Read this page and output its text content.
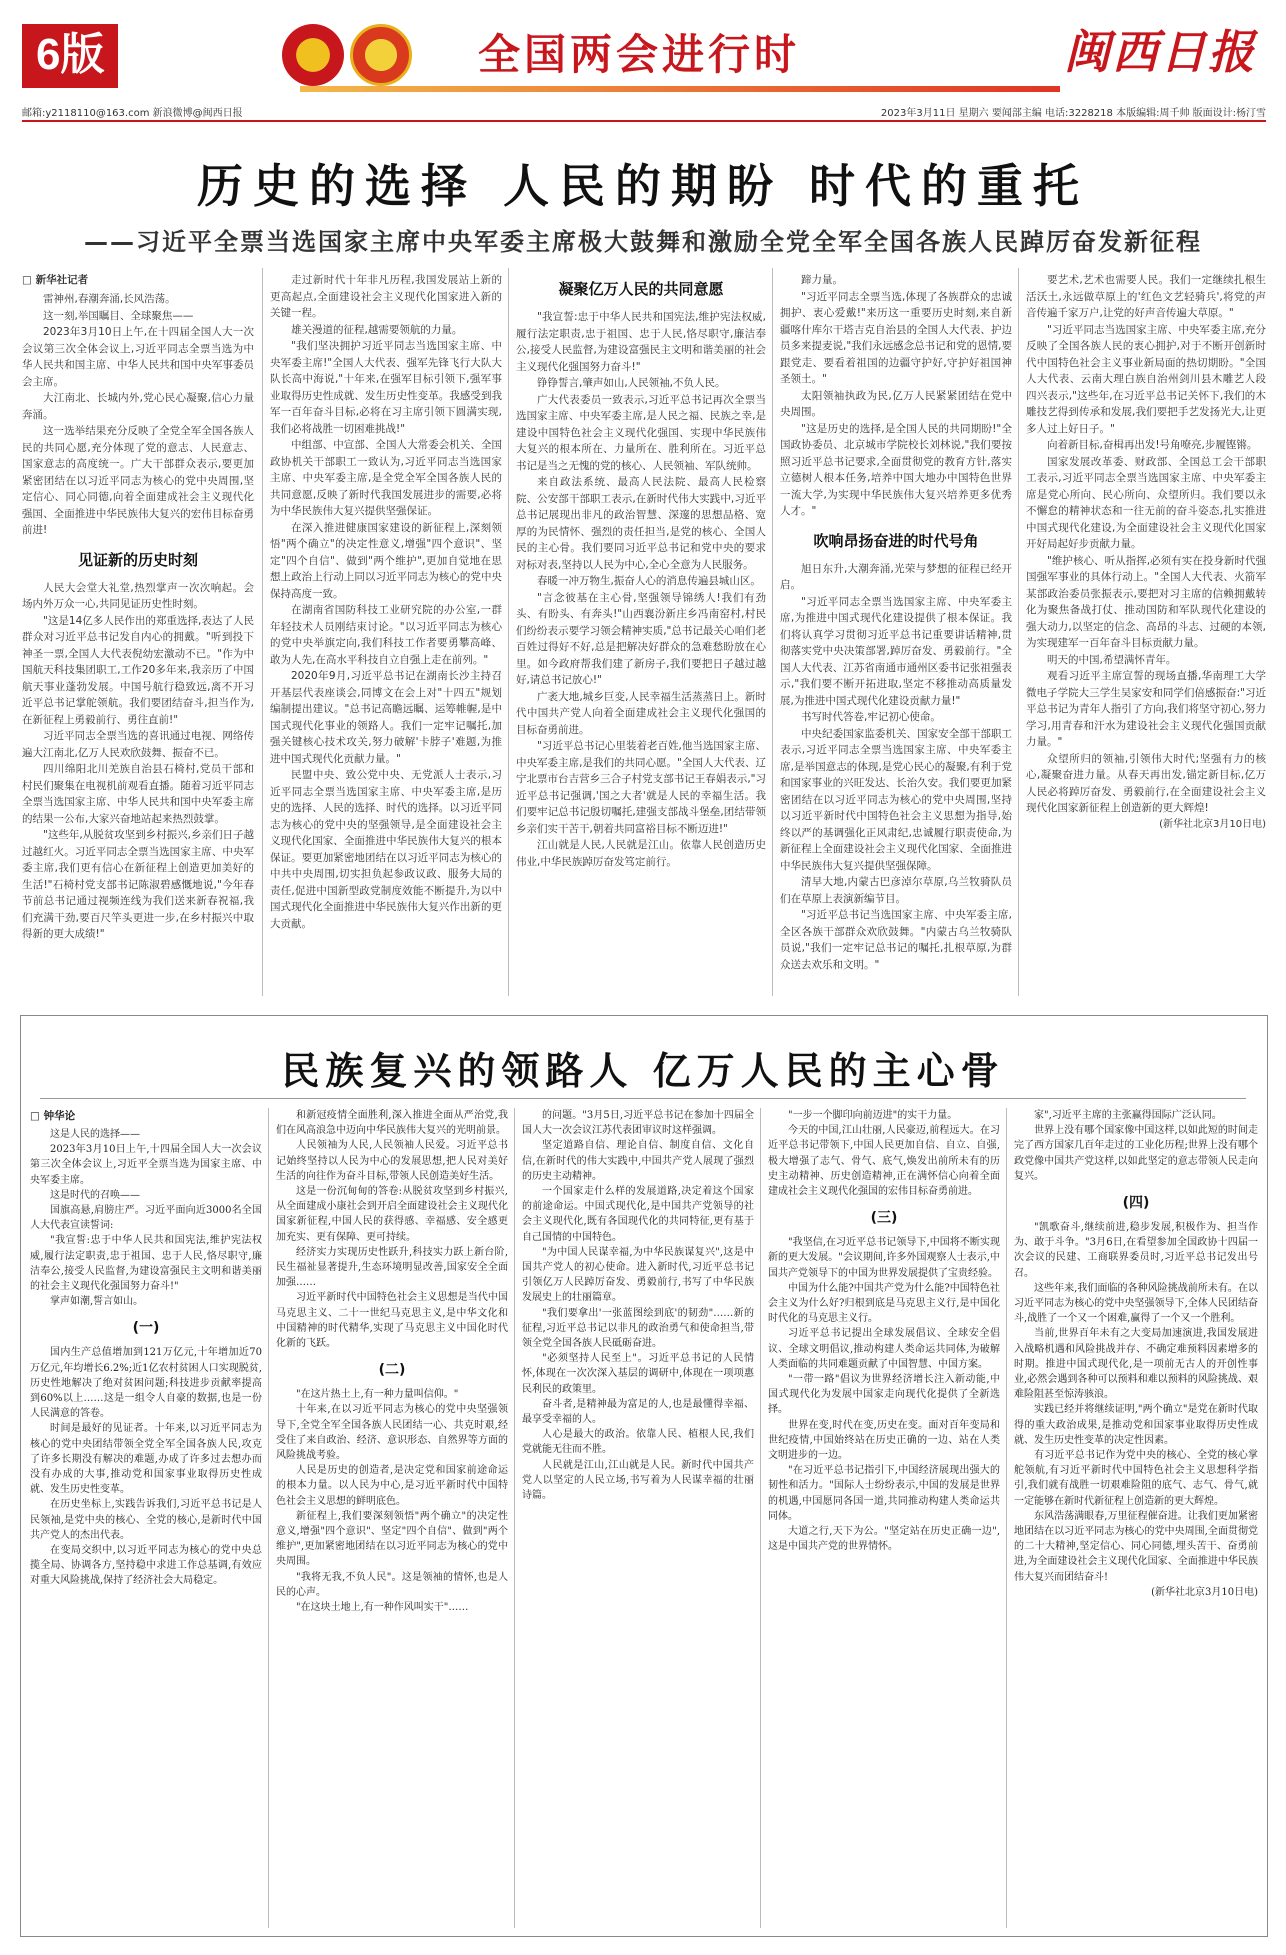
6版	全国两会进行时	闽西日报
邮箱:y2118110@163.com 新浪微博@闽西日报	2023年3月11日 星期六 要闻部主编 电话:3228218 本版编辑:周千帅 版面设计:杨汀雪
历史的选择 人民的期盼 时代的重托
——习近平全票当选国家主席中央军委主席极大鼓舞和激励全党全军全国各族人民踔厉奋发新征程
□ 新华社记者

雷神州,春潮奔涌,长风浩荡。

这一刻,举国瞩目、全球聚焦——

2023年3月10日上午,在十四届全国人大一次会议第三次全体会议上,习近平同志全票当选为中华人民共和国主席、中华人民共和国中央军事委员会主席。

大江南北、长城内外,党心民心凝聚,信心力量奔涌。

这一选举结果充分反映了全党全军全国各族人民的共同心愿,充分体现了党的意志、人民意志、国家意志的高度统一。广大干部群众表示,要更加紧密团结在以习近平同志为核心的党中央周围,坚定信心、同心同德,向着全面建成社会主义现代化强国、全面推进中华民族伟大复兴的宏伟目标奋勇前进!

见证新的历史时刻

人民大会堂大礼堂,热烈掌声一次次响起。会场内外万众一心,共同见证历史性时刻。

"这是14亿多人民作出的郑重选择,表达了人民群众对习近平总书记发自内心的拥戴。"听到投下神圣一票,全国人大代表倪幼宏激动不已。"作为中国航天科技集团职工,工作20多年来,我亲历了中国航天事业蓬勃发展。中国号航行稳致远,离不开习近平总书记掌舵领航。我们要团结奋斗,担当作为,在新征程上勇毅前行、勇往直前!"

习近平同志全票当选的喜讯通过电视、网络传遍大江南北,亿万人民欢欣鼓舞、振奋不已。

四川绵阳北川羌族自治县石椅村,党员干部和村民们聚集在电视机前观看直播。随着习近平同志全票当选国家主席、中华人民共和国中央军委主席的结果一公布,大家兴奋地站起来热烈鼓掌。

"这些年,从脱贫攻坚到乡村振兴,乡亲们日子越过越红火。习近平同志全票当选国家主席、中央军委主席,我们更有信心在新征程上创造更加美好的生活!"石椅村党支部书记陈淑碧感慨地说,"今年春节前总书记通过视频连线为我们送来新春祝福,我们充满干劲,要百尺竿头更进一步,在乡村振兴中取得新的更大成绩!"

走过新时代十年非凡历程,我国发展站上新的更高起点,全面建设社会主义现代化国家进入新的关键一程。

雄关漫道的征程,越需要领航的力量。

"我们坚决拥护习近平同志当选国家主席、中央军委主席!"全国人大代表、强军先锋飞行大队大队长高中海说,"十年来,在强军目标引领下,强军事业取得历史性成就、发生历史性变革。我感受到我军一百年奋斗目标,必将在习主席引领下圆满实现,我们必将战胜一切困难挑战!"

中组部、中宣部、全国人大常委会机关、全国政协机关干部职工一致认为,习近平同志当选国家主席、中央军委主席,是全党全军全国各族人民的共同意愿,反映了新时代我国发展进步的需要,必将为中华民族伟大复兴提供坚强保证。

在深入推进健康国家建设的新征程上,深刻领悟"两个确立"的决定性意义,增强"四个意识"、坚定"四个自信"、做到"两个维护",更加自觉地在思想上政治上行动上同以习近平同志为核心的党中央保持高度一致。

在湖南省国防科技工业研究院的办公室,一群年轻技术人员刚结束讨论。"以习近平同志为核心的党中央举旗定向,我们科技工作者要勇攀高峰、敢为人先,在高水平科技自立自强上走在前列。"

2020年9月,习近平总书记在湖南长沙主持召开基层代表座谈会,同博文在会上对"十四五"规划编制提出建议。"总书记高瞻远瞩、运筹帷幄,是中国式现代化事业的领路人。我们一定牢记嘱托,加强关键核心技术攻关,努力破解'卡脖子'难题,为推进中国式现代化贡献力量。"

民盟中央、致公党中央、无党派人士表示,习近平同志全票当选国家主席、中央军委主席,是历史的选择、人民的选择、时代的选择。以习近平同志为核心的党中央的坚强领导,是全面建设社会主义现代化国家、全面推进中华民族伟大复兴的根本保证。要更加紧密地团结在以习近平同志为核心的中共中央周围,切实担负起参政议政、服务大局的责任,促进中国新型政党制度效能不断提升,为以中国式现代化全面推进中华民族伟大复兴作出新的更大贡献。

凝聚亿万人民的共同意愿

"我宣誓:忠于中华人民共和国宪法,维护宪法权威,履行法定职责,忠于祖国、忠于人民,恪尽职守,廉洁奉公,接受人民监督,为建设富强民主文明和谐美丽的社会主义现代化强国努力奋斗!"

铮铮誓言,肇声如山,人民领袖,不负人民。

广大代表委员一致表示,习近平总书记再次全票当选国家主席、中央军委主席,是人民之福、民族之幸,是建设中国特色社会主义现代化强国、实现中华民族伟大复兴的根本所在、力量所在、胜利所在。习近平总书记是当之无愧的党的核心、人民领袖、军队统帅。

来自政法系统、最高人民法院、最高人民检察院、公安部干部职工表示,在新时代伟大实践中,习近平总书记展现出非凡的政治智慧、深邃的思想品格、宽厚的为民情怀、强烈的责任担当,是党的核心、全国人民的主心骨。我们要同习近平总书记和党中央的要求对标对表,坚持以人民为中心,全心全意为人民服务。

春暖一冲万物生,振奋人心的消息传遍县城山区。

"言念彼基在主心骨,坚强领导锦绣人!我们有劲头、有盼头、有奔头!"山西襄汾新庄乡冯南窑村,村民们纷纷表示要学习领会精神实质,"总书记最关心咱们老百姓过得好不好,总是把解决好群众的急难愁盼放在心里。如今政府帮我们建了新房子,我们要把日子越过越好,请总书记放心!"

广袤大地,城乡巨变,人民幸福生活蒸蒸日上。新时代中国共产党人向着全面建成社会主义现代化强国的目标奋勇前进。

"习近平总书记心里装着老百姓,他当选国家主席、中央军委主席,是我们的共同心愿。"全国人大代表、辽宁北票市台吉营乡三合子村党支部书记王春娟表示,"习近平总书记强调,'国之大者'就是人民的幸福生活。我们要牢记总书记殷切嘱托,建强支部战斗堡垒,团结带领乡亲们实干苦干,朝着共同富裕目标不断迈进!"

江山就是人民,人民就是江山。依靠人民创造历史伟业,中华民族踔厉奋发笃定前行。

蹄力量。

"习近平同志全票当选,体现了各族群众的忠诚拥护、衷心爱戴!"来历这一重要历史时刻,来自新疆喀什库尔干塔吉克自治县的全国人大代表、护边员多来提麦说,"我们永远感念总书记和党的恩情,要跟党走、要看着祖国的边疆守护好,守护好祖国神圣领土。"

太阳领袖执政为民,亿万人民紧紧团结在党中央周围。

"这是历史的选择,是全国人民的共同期盼!"全国政协委员、北京城市学院校长刘林说,"我们要按照习近平总书记要求,全面贯彻党的教育方针,落实立德树人根本任务,培养中国大地办中国特色世界一流大学,为实现中华民族伟大复兴培养更多优秀人才。"

吹响昂扬奋进的时代号角

旭日东升,大潮奔涌,光荣与梦想的征程已经开启。

"习近平同志全票当选国家主席、中央军委主席,为推进中国式现代化建设提供了根本保证。我们将认真学习贯彻习近平总书记重要讲话精神,贯彻落实党中央决策部署,踔厉奋发、勇毅前行。"全国人大代表、江苏省南通市通州区委书记张祖强表示,"我们要不断开拓进取,坚定不移推动高质量发展,为推进中国式现代化建设贡献力量!"

书写时代答卷,牢记初心使命。

中央纪委国家监委机关、国家安全部干部职工表示,习近平同志全票当选国家主席、中央军委主席,是举国意志的体现,是党心民心的凝聚,有利于党和国家事业的兴旺发达、长治久安。我们要更加紧密团结在以习近平同志为核心的党中央周围,坚持以习近平新时代中国特色社会主义思想为指导,始终以严的基调强化正风肃纪,忠诚履行职责使命,为新征程上全面建设社会主义现代化国家、全面推进中华民族伟大复兴提供坚强保障。

清早大地,内蒙古巴彦淖尔草原,乌兰牧骑队员们在草原上表演新编节目。

"习近平总书记当选国家主席、中央军委主席,全区各族干部群众欢欣鼓舞。"内蒙古乌兰牧骑队员说,"我们一定牢记总书记的嘱托,扎根草原,为群众送去欢乐和文明。"

要艺术,艺术也需要人民。我们一定继续扎根生活沃土,永远做草原上的'红色文艺轻骑兵',将党的声音传遍千家万户,让党的好声音传遍大草原。"

"习近平同志当选国家主席、中央军委主席,充分反映了全国各族人民的衷心拥护,对于不断开创新时代中国特色社会主义事业新局面的热切期盼。"全国人大代表、云南大理白族自治州剑川县木雕艺人段四兴表示,"这些年,在习近平总书记关怀下,我们的木雕技艺得到传承和发展,我们要把手艺发扬光大,让更多人过上好日子。"

向着新目标,奋楫再出发!号角嘹亮,步履铿锵。

国家发展改革委、财政部、全国总工会干部职工表示,习近平同志全票当选国家主席、中央军委主席是党心所向、民心所向、众望所归。我们要以永不懈怠的精神状态和一往无前的奋斗姿态,扎实推进中国式现代化建设,为全面建设社会主义现代化国家开好局起好步贡献力量。

"维护核心、听从指挥,必须有实在投身新时代强国强军事业的具体行动上。"全国人大代表、火箭军某部政治委员张振表示,要把对习主席的信赖拥戴转化为聚焦备战打仗、推动国防和军队现代化建设的强大动力,以坚定的信念、高昂的斗志、过硬的本领,为实现建军一百年奋斗目标贡献力量。

明天的中国,希望满怀青年。

观看习近平主席宣誓的现场直播,华南理工大学微电子学院大三学生吴家安和同学们倍感振奋:"习近平总书记为青年人指引了方向,我们将坚守初心,努力学习,用青春和汗水为建设社会主义现代化强国贡献力量。"

众望所归的领袖,引领伟大时代;坚强有力的核心,凝聚奋进力量。从春天再出发,锚定新目标,亿万人民必将踔厉奋发、勇毅前行,在全面建设社会主义现代化国家新征程上创造新的更大辉煌!

(新华社北京3月10日电)
民族复兴的领路人 亿万人民的主心骨
□ 钟华论

这是人民的选择——

2023年3月10日上午,十四届全国人大一次会议第三次全体会议上,习近平全票当选为国家主席、中央军委主席。

这是时代的召唤——

国旗高悬,肩膀庄严。习近平面向近3000名全国人大代表宣读誓词:

"我宣誓:忠于中华人民共和国宪法,维护宪法权威,履行法定职责,忠于祖国、忠于人民,恪尽职守,廉洁奉公,接受人民监督,为建设富强民主文明和谐美丽的社会主义现代化强国努力奋斗!"

掌声如潮,誓言如山。

(一)

国内生产总值增加到121万亿元,十年增加近70万亿元,年均增长6.2%;近1亿农村贫困人口实现脱贫,历史性地解决了绝对贫困问题;科技进步贡献率提高到60%以上……这是一组令人自豪的数据,也是一份人民满意的答卷。

时间是最好的见证者。十年来,以习近平同志为核心的党中央团结带领全党全军全国各族人民,攻克了许多长期没有解决的难题,办成了许多过去想办而没有办成的大事,推动党和国家事业取得历史性成就、发生历史性变革。

在历史坐标上,实践告诉我们,习近平总书记是人民领袖,是党中央的核心、全党的核心,是新时代中国共产党人的杰出代表。

在变局交织中,以习近平同志为核心的党中央总揽全局、协调各方,坚持稳中求进工作总基调,有效应对重大风险挑战,保持了经济社会大局稳定。

和新冠疫情全面胜利,深入推进全面从严治党,我们在风高浪急中迈向中华民族伟大复兴的光明前景。

人民领袖为人民,人民领袖人民爱。习近平总书记始终坚持以人民为中心的发展思想,把人民对美好生活的向往作为奋斗目标,带领人民创造美好生活。

这是一份沉甸甸的答卷:从脱贫攻坚到乡村振兴,从全面建成小康社会到开启全面建设社会主义现代化国家新征程,中国人民的获得感、幸福感、安全感更加充实、更有保障、更可持续。

经济实力实现历史性跃升,科技实力跃上新台阶,民生福祉显著提升,生态环境明显改善,国家安全全面加强……

习近平新时代中国特色社会主义思想是当代中国马克思主义、二十一世纪马克思主义,是中华文化和中国精神的时代精华,实现了马克思主义中国化时代化新的飞跃。

(二)

"在这片热土上,有一种力量叫信仰。"

十年来,在以习近平同志为核心的党中央坚强领导下,全党全军全国各族人民团结一心、共克时艰,经受住了来自政治、经济、意识形态、自然界等方面的风险挑战考验。

人民是历史的创造者,是决定党和国家前途命运的根本力量。以人民为中心,是习近平新时代中国特色社会主义思想的鲜明底色。

新征程上,我们要深刻领悟"两个确立"的决定性意义,增强"四个意识"、坚定"四个自信"、做到"两个维护",更加紧密地团结在以习近平同志为核心的党中央周围。

"我将无我,不负人民"。这是领袖的情怀,也是人民的心声。

"在这块土地上,有一种作风叫实干"……

的问题。"3月5日,习近平总书记在参加十四届全国人大一次会议江苏代表团审议时这样强调。

坚定道路自信、理论自信、制度自信、文化自信,在新时代的伟大实践中,中国共产党人展现了强烈的历史主动精神。

一个国家走什么样的发展道路,决定着这个国家的前途命运。中国式现代化,是中国共产党领导的社会主义现代化,既有各国现代化的共同特征,更有基于自己国情的中国特色。

"为中国人民谋幸福,为中华民族谋复兴",这是中国共产党人的初心使命。进入新时代,习近平总书记引领亿万人民踔厉奋发、勇毅前行,书写了中华民族发展史上的壮丽篇章。

"我们要拿出'一张蓝图绘到底'的韧劲"……新的征程,习近平总书记以非凡的政治勇气和使命担当,带领全党全国各族人民砥砺奋进。

"必须坚持人民至上"。习近平总书记的人民情怀,体现在一次次深入基层的调研中,体现在一项项惠民利民的政策里。

奋斗者,是精神最为富足的人,也是最懂得幸福、最享受幸福的人。

人心是最大的政治。依靠人民、植根人民,我们党就能无往而不胜。

人民就是江山,江山就是人民。新时代中国共产党人以坚定的人民立场,书写着为人民谋幸福的壮丽诗篇。

"一步一个脚印向前迈进"的实干力量。

今天的中国,江山壮丽,人民豪迈,前程远大。在习近平总书记带领下,中国人民更加自信、自立、自强,极大增强了志气、骨气、底气,焕发出前所未有的历史主动精神、历史创造精神,正在满怀信心向着全面建成社会主义现代化强国的宏伟目标奋勇前进。

(三)

"我坚信,在习近平总书记领导下,中国将不断实现新的更大发展。"会议期间,许多外国观察人士表示,中国共产党领导下的中国为世界发展提供了宝贵经验。

中国为什么能?中国共产党为什么能?中国特色社会主义为什么好?归根到底是马克思主义行,是中国化时代化的马克思主义行。

习近平总书记提出全球发展倡议、全球安全倡议、全球文明倡议,推动构建人类命运共同体,为破解人类面临的共同难题贡献了中国智慧、中国方案。

"一带一路"倡议为世界经济增长注入新动能,中国式现代化为发展中国家走向现代化提供了全新选择。

世界在变,时代在变,历史在变。面对百年变局和世纪疫情,中国始终站在历史正确的一边、站在人类文明进步的一边。

"在习近平总书记指引下,中国经济展现出强大的韧性和活力。"国际人士纷纷表示,中国的发展是世界的机遇,中国愿同各国一道,共同推动构建人类命运共同体。

大道之行,天下为公。"坚定站在历史正确一边",这是中国共产党的世界情怀。

家",习近平主席的主张赢得国际广泛认同。

世界上没有哪个国家像中国这样,以如此短的时间走完了西方国家几百年走过的工业化历程;世界上没有哪个政党像中国共产党这样,以如此坚定的意志带领人民走向复兴。

(四)

"凯歌奋斗,继续前进,稳步发展,积极作为、担当作为、敢于斗争。"3月6日,在看望参加全国政协十四届一次会议的民建、工商联界委员时,习近平总书记发出号召。

这些年来,我们面临的各种风险挑战前所未有。在以习近平同志为核心的党中央坚强领导下,全体人民团结奋斗,战胜了一个又一个困难,赢得了一个又一个胜利。

当前,世界百年未有之大变局加速演进,我国发展进入战略机遇和风险挑战并存、不确定难预料因素增多的时期。推进中国式现代化,是一项前无古人的开创性事业,必然会遇到各种可以预料和难以预料的风险挑战、艰难险阻甚至惊涛骇浪。

实践已经并将继续证明,"两个确立"是党在新时代取得的重大政治成果,是推动党和国家事业取得历史性成就、发生历史性变革的决定性因素。

有习近平总书记作为党中央的核心、全党的核心掌舵领航,有习近平新时代中国特色社会主义思想科学指引,我们就有战胜一切艰难险阻的底气、志气、骨气,就一定能够在新时代新征程上创造新的更大辉煌。

东风浩荡满眼春,万里征程催奋进。让我们更加紧密地团结在以习近平同志为核心的党中央周围,全面贯彻党的二十大精神,坚定信心、同心同德,埋头苦干、奋勇前进,为全面建设社会主义现代化国家、全面推进中华民族伟大复兴而团结奋斗!

(新华社北京3月10日电)
